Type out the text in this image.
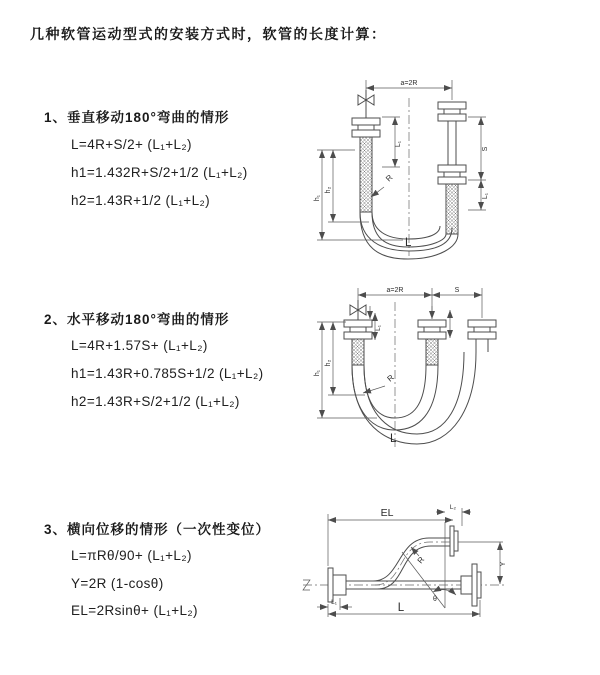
几种软管运动型式的安装方式时，软管的长度计算：
1、垂直移动180°弯曲的情形
L=4R+S/2+ (L₁+L₂)
h1=1.432R+S/2+1/2 (L₁+L₂)
h2=1.43R+1/2 (L₁+L₂)
2、水平移动180°弯曲的情形
L=4R+1.57S+ (L₁+L₂)
h1=1.43R+0.785S+1/2 (L₁+L₂)
h2=1.43R+S/2+1/2 (L₁+L₂)
3、横向位移的情形（一次性变位）
L=πRθ/90+ (L₁+L₂)
Y=2R (1-cosθ)
EL=2Rsinθ+ (L₁+L₂)
a=2R
R
L
h₁
h₂
L₁
S
L₁
a=2R	S
R
L
h₁
h₂
L₁
EL	L₂
θ
R	Y
L₁	L
